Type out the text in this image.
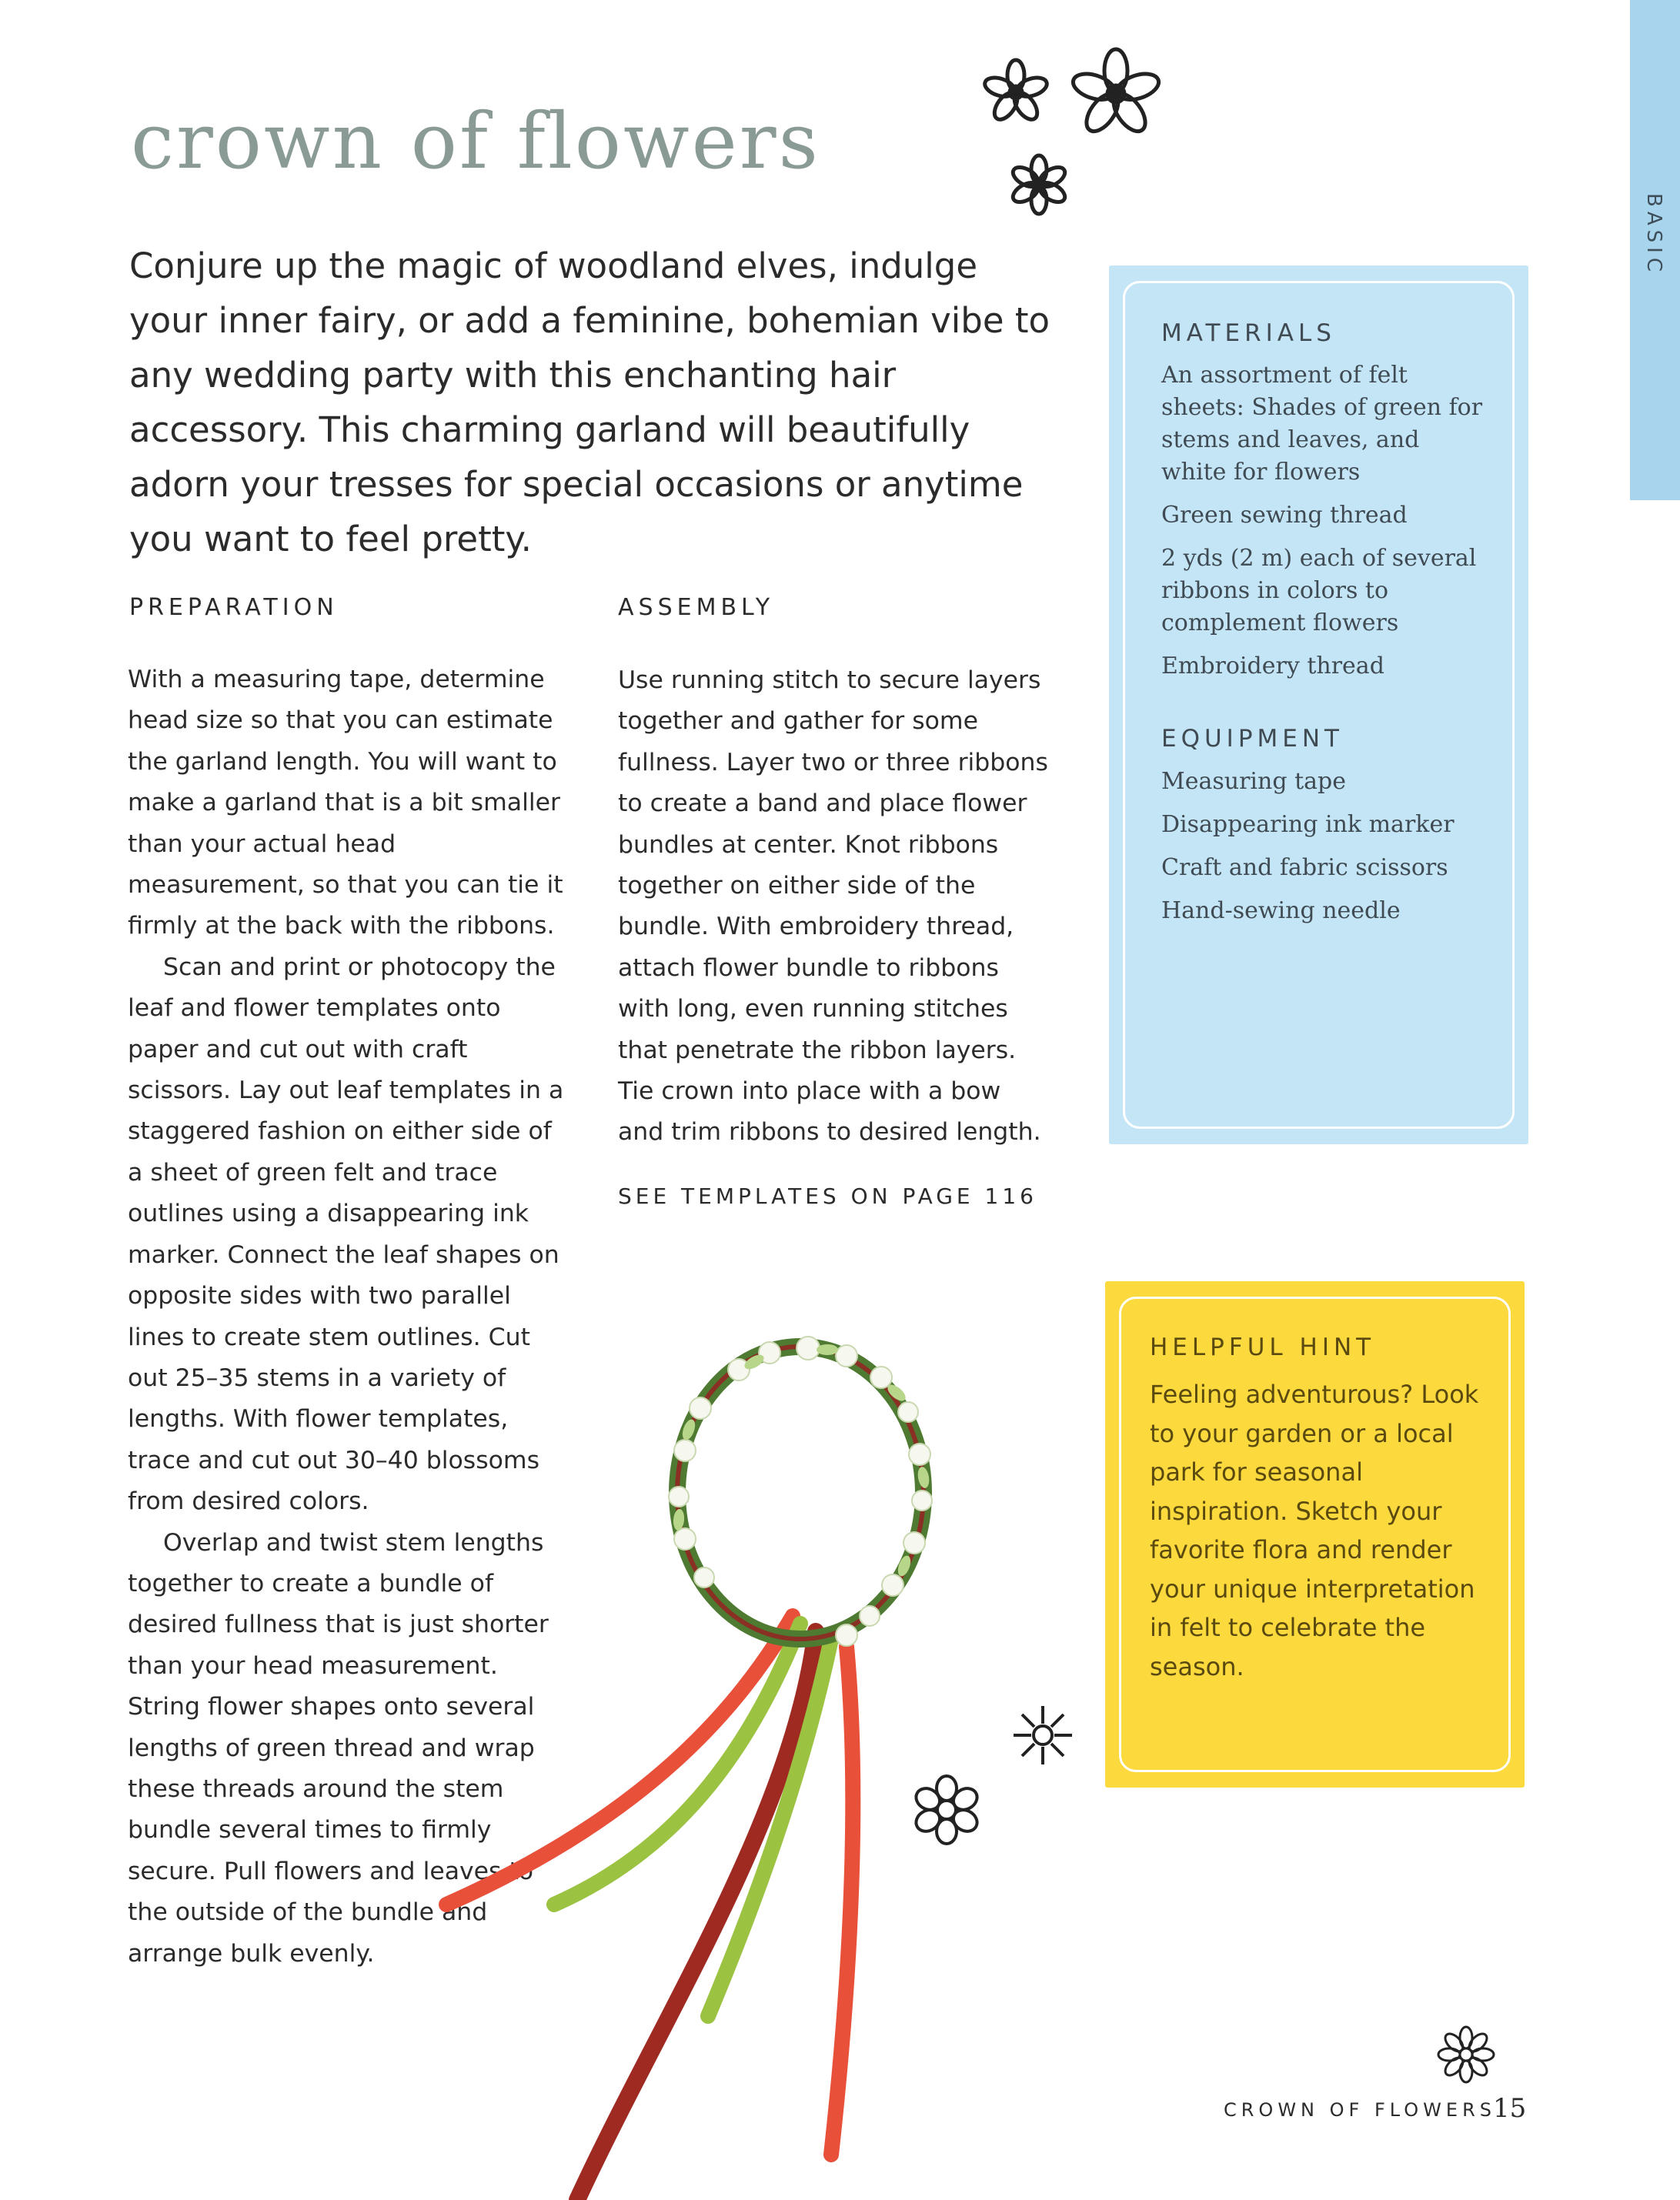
BASIC
crown of flowers

Conjure up the magic of woodland elves, indulge your inner fairy, or add a feminine, bohemian vibe to any wedding party with this enchanting hair accessory. This charming garland will beautifully adorn your tresses for special occasions or anytime you want to feel pretty.

PREPARATION

With a measuring tape, determine head size so that you can estimate the garland length. You will want to make a garland that is a bit smaller than your actual head measurement, so that you can tie it firmly at the back with the ribbons.

Scan and print or photocopy the leaf and flower templates onto paper and cut out with craft scissors. Lay out leaf templates in a staggered fashion on either side of a sheet of green felt and trace outlines using a disappearing ink marker. Connect the leaf shapes on opposite sides with two parallel lines to create stem outlines. Cut out 25–35 stems in a variety of lengths. With flower templates, trace and cut out 30–40 blossoms from desired colors.

Overlap and twist stem lengths together to create a bundle of desired fullness that is just shorter than your head measurement. String flower shapes onto several lengths of green thread and wrap these threads around the stem bundle several times to firmly secure. Pull flowers and leaves to the outside of the bundle and arrange bulk evenly.

ASSEMBLY

Use running stitch to secure layers together and gather for some fullness. Layer two or three ribbons to create a band and place flower bundles at center. Knot ribbons together on either side of the bundle. With embroidery thread, attach flower bundle to ribbons with long, even running stitches that penetrate the ribbon layers. Tie crown into place with a bow and trim ribbons to desired length.

SEE TEMPLATES ON PAGE 116
MATERIALS
An assortment of felt sheets: Shades of green for stems and leaves, and white for flowers
Green sewing thread
2 yds (2 m) each of several ribbons in colors to complement flowers
Embroidery thread
EQUIPMENT
Measuring tape
Disappearing ink marker
Craft and fabric scissors
Hand-sewing needle
HELPFUL HINT
Feeling adventurous? Look to your garden or a local park for seasonal inspiration. Sketch your favorite flora and render your unique interpretation in felt to celebrate the season.
CROWN OF FLOWERS
15
